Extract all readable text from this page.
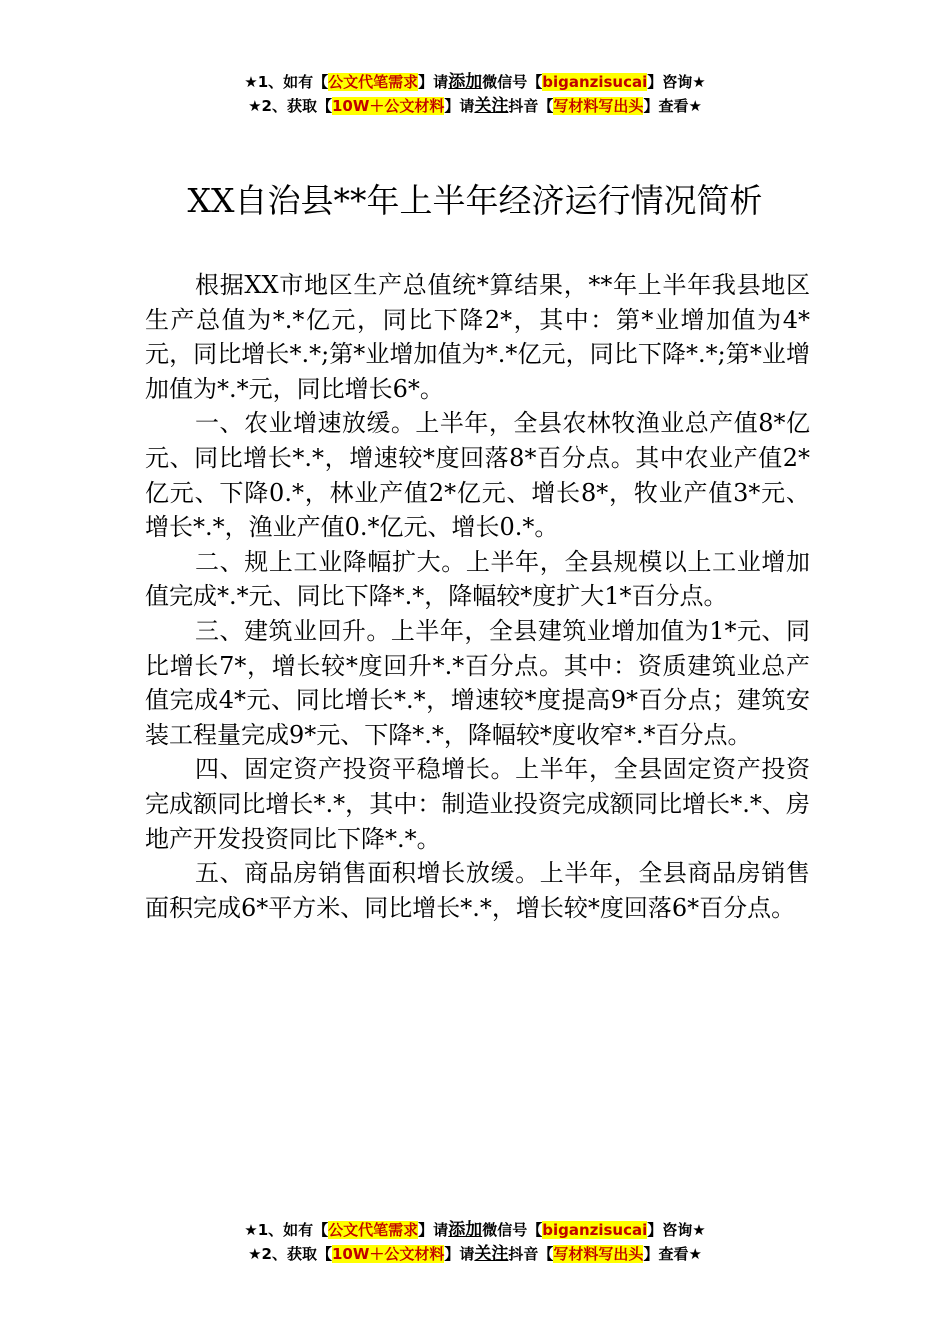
★1、如有【公文代笔需求】请添加微信号【biganzisucai】咨询★
★2、获取【10W＋公文材料】请关注抖音【写材料写出头】查看★
XX自治县**年上半年经济运行情况简析

根据XX市地区生产总值统*算结果，**年上半年我县地区生产总值为*.*亿元，同比下降2*，其中：第*业增加值为4*元，同比增长*.*;第*业增加值为*.*亿元，同比下降*.*;第*业增加值为*.*元，同比增长6*。

一、农业增速放缓。上半年，全县农林牧渔业总产值8*亿元、同比增长*.*，增速较*度回落8*百分点。其中农业产值2*亿元、下降0.*，林业产值2*亿元、增长8*，牧业产值3*元、增长*.*，渔业产值0.*亿元、增长0.*。

二、规上工业降幅扩大。上半年，全县规模以上工业增加值完成*.*元、同比下降*.*，降幅较*度扩大1*百分点。

三、建筑业回升。上半年，全县建筑业增加值为1*元、同比增长7*，增长较*度回升*.*百分点。其中：资质建筑业总产值完成4*元、同比增长*.*，增速较*度提高9*百分点；建筑安装工程量完成9*元、下降*.*，降幅较*度收窄*.*百分点。

四、固定资产投资平稳增长。上半年，全县固定资产投资完成额同比增长*.*，其中：制造业投资完成额同比增长*.*、房地产开发投资同比下降*.*。

五、商品房销售面积增长放缓。上半年，全县商品房销售面积完成6*平方米、同比增长*.*，增长较*度回落6*百分点。

★1、如有【公文代笔需求】请添加微信号【biganzisucai】咨询★
★2、获取【10W＋公文材料】请关注抖音【写材料写出头】查看★
